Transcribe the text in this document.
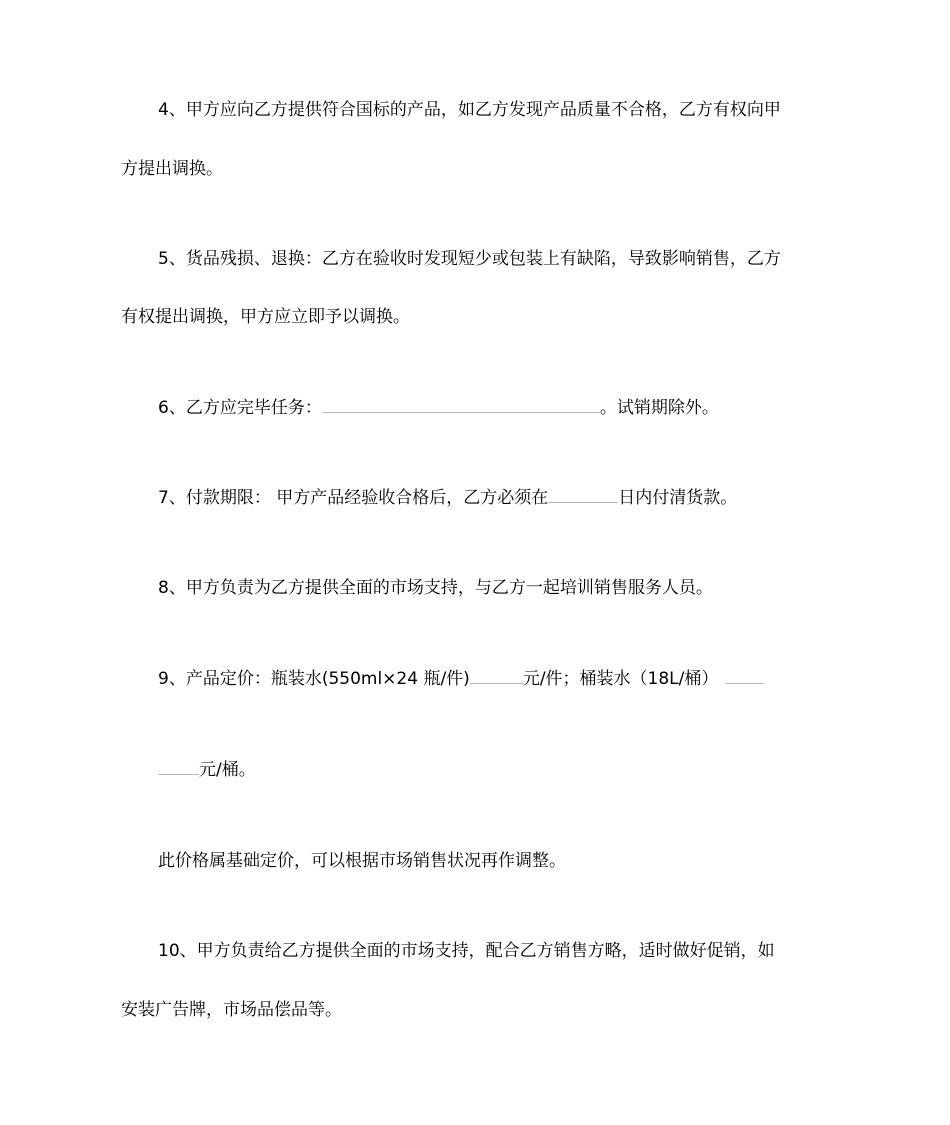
4、甲方应向乙方提供符合国标的产品，如乙方发现产品质量不合格，乙方有权向甲
方提出调换。
5、货品残损、退换：乙方在验收时发现短少或包装上有缺陷，导致影响销售，乙方
有权提出调换，甲方应立即予以调换。
6、乙方应完毕任务：	。试销期除外。
7、付款期限： 甲方产品经验收合格后，乙方必须在	日内付清货款。
8、甲方负责为乙方提供全面的市场支持，与乙方一起培训销售服务人员。
9、产品定价：瓶装水(550ml×24 瓶/件)	元/件；桶装水（18L/桶）
元/桶。
此价格属基础定价，可以根据市场销售状况再作调整。
10、甲方负责给乙方提供全面的市场支持，配合乙方销售方略，适时做好促销，如
安装广告牌，市场品偿品等。
